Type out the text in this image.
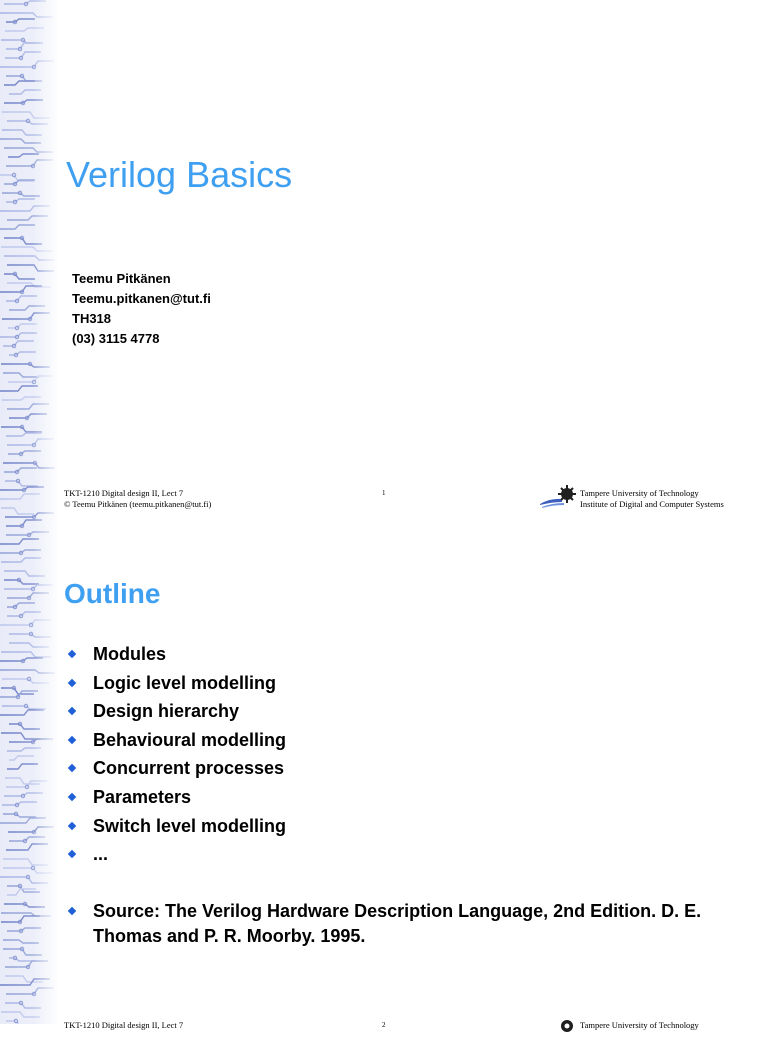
Verilog Basics
Teemu Pitkänen
Teemu.pitkanen@tut.fi
TH318
(03) 3115 4778
TKT-1210 Digital design II, Lect 7
© Teemu Pitkänen (teemu.pitkanen@tut.fi)
1	Tampere University of Technology
Institute of Digital and Computer Systems
Outline
Modules
Logic level modelling
Design hierarchy
Behavioural modelling
Concurrent processes
Parameters
Switch level modelling
...
Source: The Verilog Hardware Description Language, 2nd Edition. D. E. Thomas and P. R. Moorby. 1995.
TKT-1210 Digital design II, Lect 7	2	Tampere University of Technology
